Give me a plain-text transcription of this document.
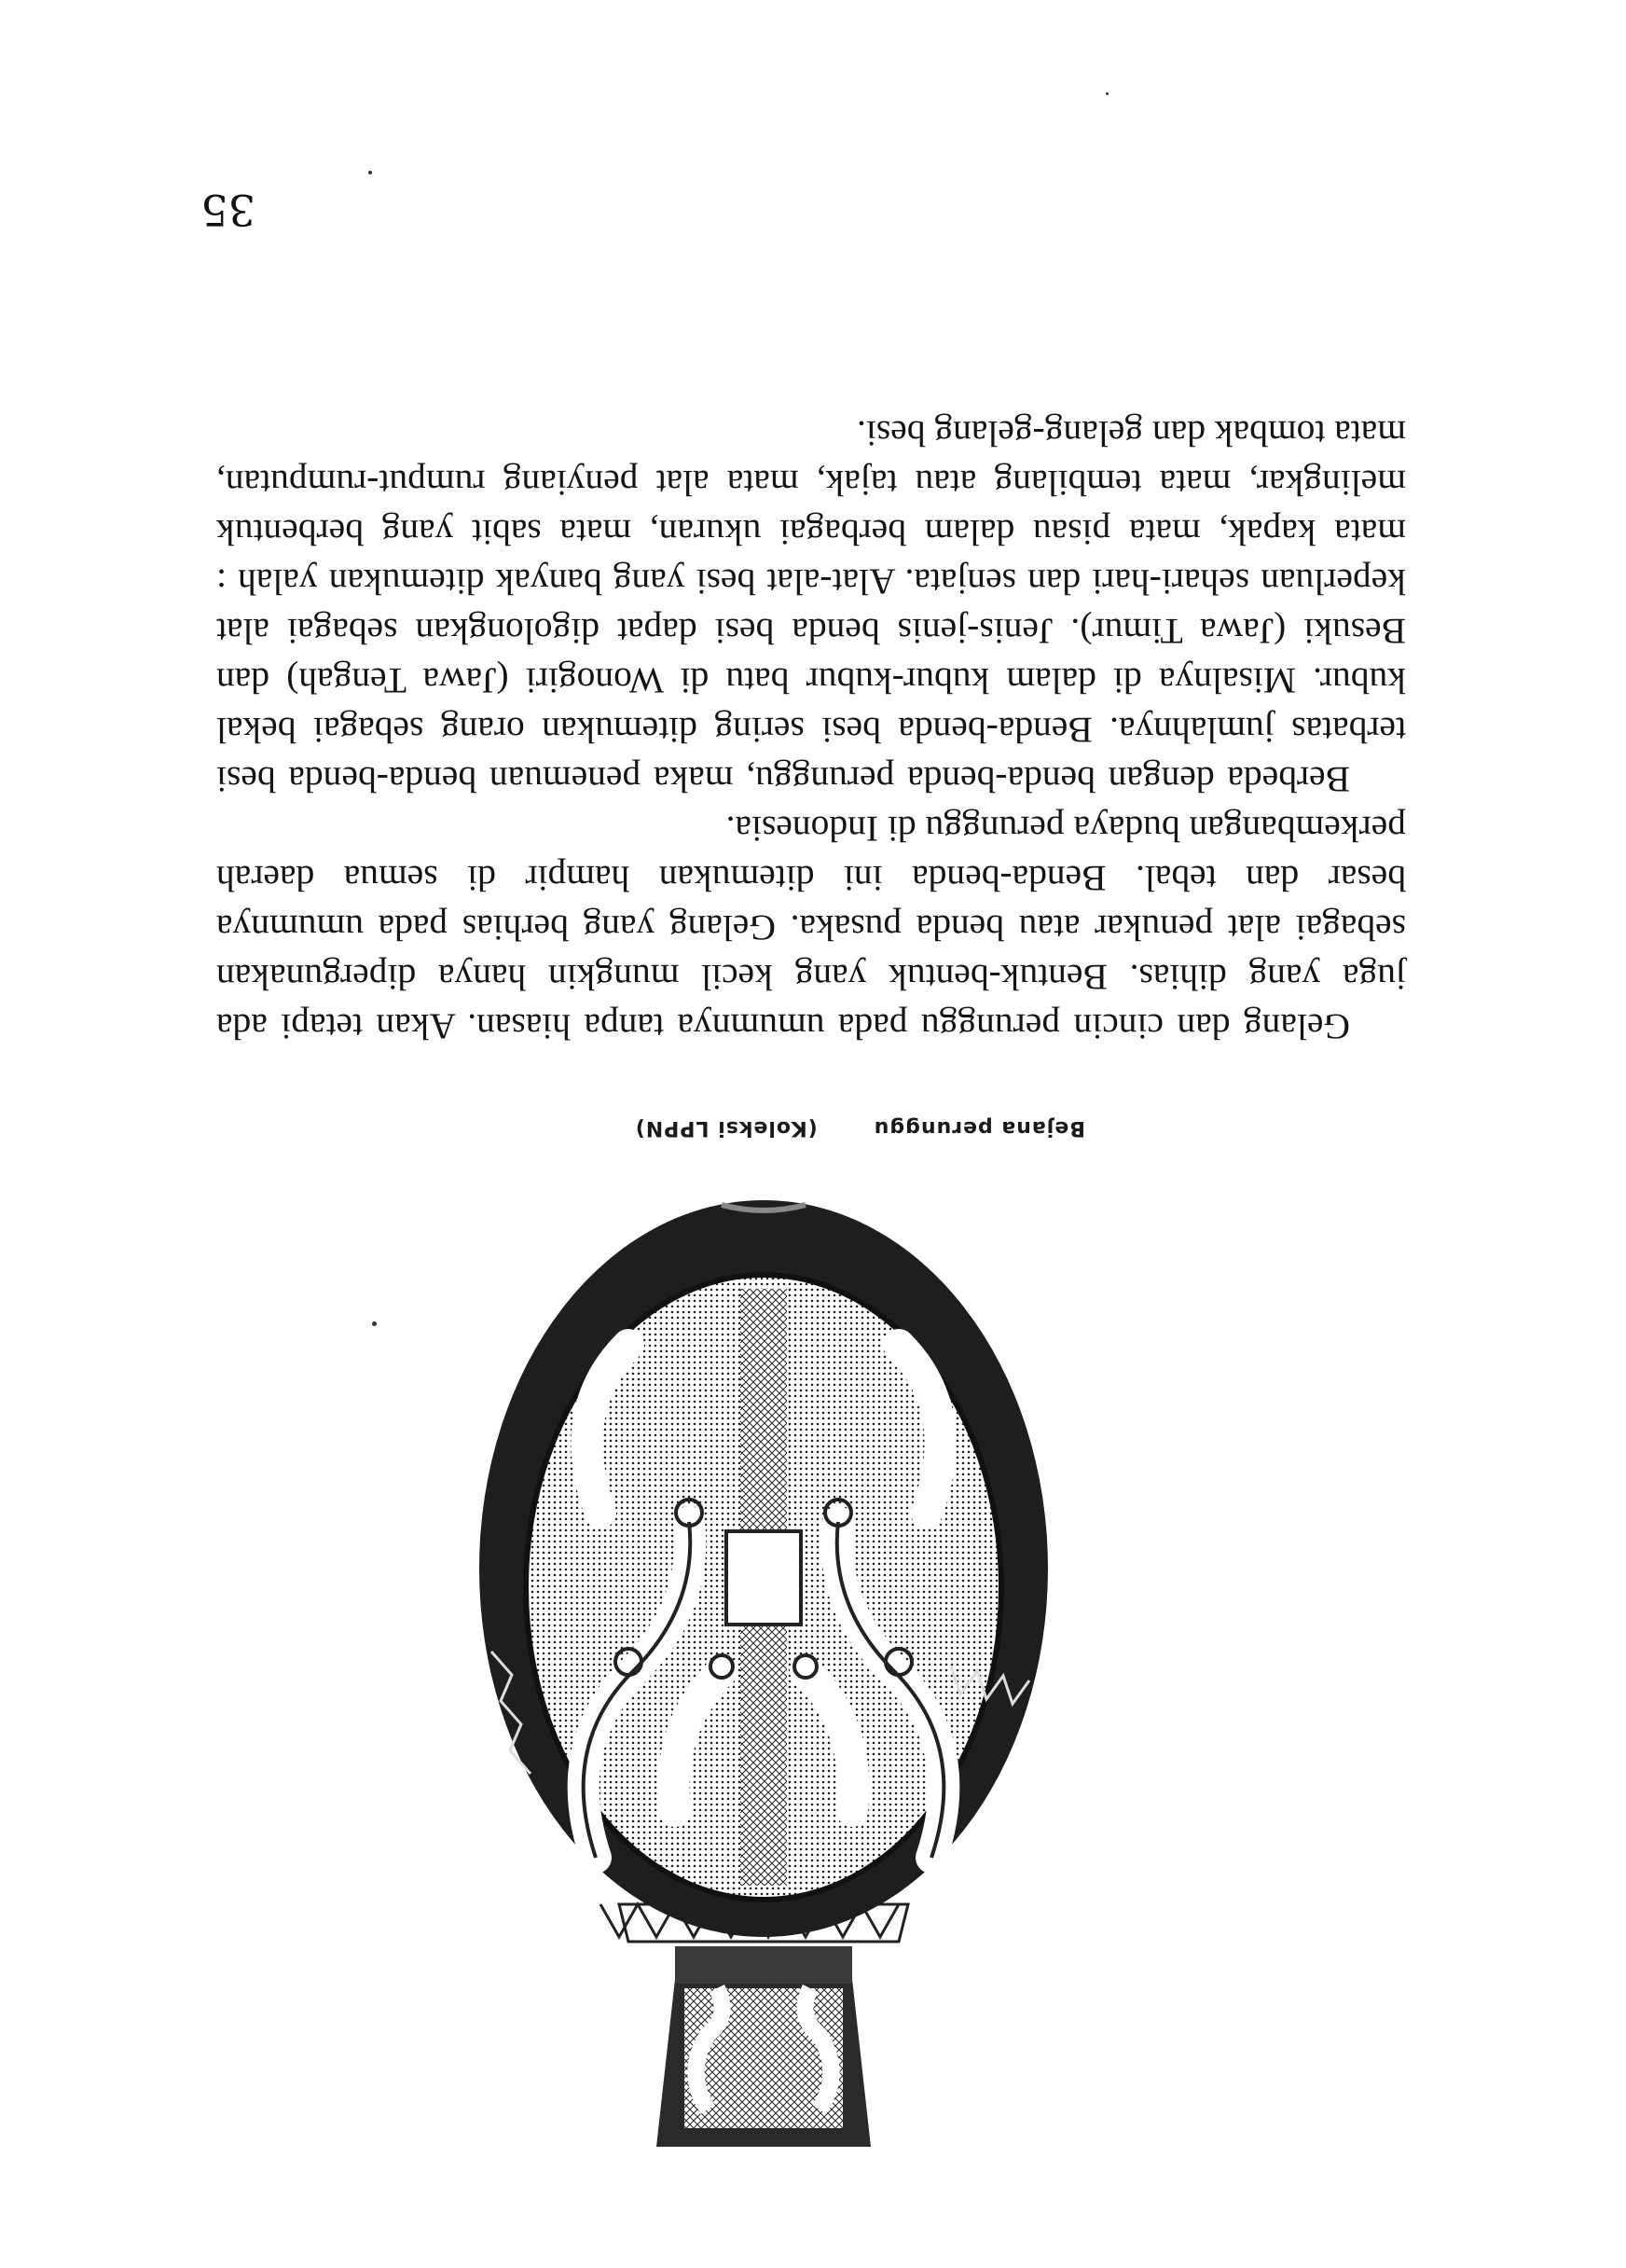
Bejana perunggu(Koleksi LPPN)

Gelang dan cincin perunggu pada umumnya tanpa hiasan. Akan tetapi ada juga yang dihias. Bentuk-bentuk yang kecil mungkin hanya dipergunakan sebagai alat penukar atau benda pusaka. Gelang yang berhias pada umumnya besar dan tebal. Benda-benda ini ditemukan hampir di semua daerah perkembangan budaya perunggu di Indonesia.

Berbeda dengan benda-benda perunggu, maka penemuan benda-benda besi terbatas jumlahnya. Benda-benda besi sering ditemukan orang sebagai bekal kubur. Misalnya di dalam kubur-kubur batu di Wonogiri (Jawa Tengah) dan Besuki (Jawa Timur). Jenis-jenis benda besi dapat digolongkan sebagai alat keperluan sehari-hari dan senjata. Alat-alat besi yang banyak ditemukan yalah : mata kapak, mata pisau dalam berbagai ukuran, mata sabit yang berbentuk melingkar, mata tembilang atau tajak, mata alat penyiang rumput-rumputan, mata tombak dan gelang-gelang besi.

35
